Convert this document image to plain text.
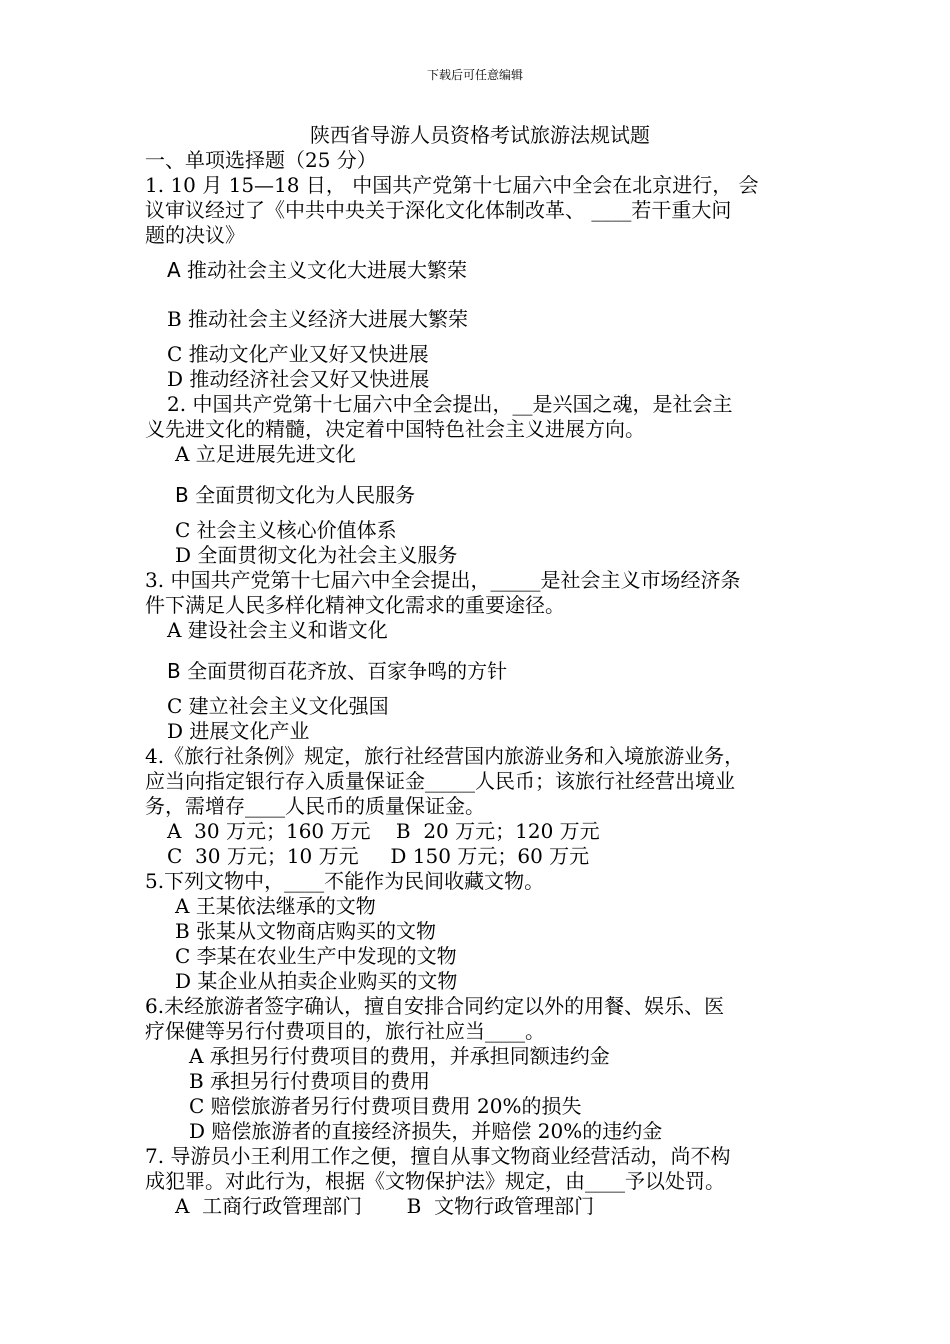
下载后可任意编辑

陕西省导游人员资格考试旅游法规试题

一、单项选择题（25 分）

1. 10 月 15—18 日， 中国共产党第十七届六中全会在北京进行， 会

议审议经过了《中共中央关于深化文化体制改革、 ____若干重大问

题的决议》

A 推动社会主义文化大进展大繁荣

B 推动社会主义经济大进展大繁荣

C 推动文化产业又好又快进展

D 推动经济社会又好又快进展

2. 中国共产党第十七届六中全会提出，__是兴国之魂，是社会主

义先进文化的精髓，决定着中国特色社会主义进展方向。

A 立足进展先进文化

B 全面贯彻文化为人民服务

C 社会主义核心价值体系

D 全面贯彻文化为社会主义服务

3. 中国共产党第十七届六中全会提出，_____是社会主义市场经济条

件下满足人民多样化精神文化需求的重要途径。

A 建设社会主义和谐文化

B 全面贯彻百花齐放、百家争鸣的方针

C 建立社会主义文化强国

D 进展文化产业

4.《旅行社条例》规定，旅行社经营国内旅游业务和入境旅游业务，

应当向指定银行存入质量保证金_____人民币；该旅行社经营出境业

务，需增存____人民币的质量保证金。

A  30 万元；160 万元    B  20 万元；120 万元

C  30 万元；10 万元     D 150 万元；60 万元

5.下列文物中，____不能作为民间收藏文物。

A 王某依法继承的文物

B 张某从文物商店购买的文物

C 李某在农业生产中发现的文物

D 某企业从拍卖企业购买的文物

6.未经旅游者签字确认，擅自安排合同约定以外的用餐、娱乐、医

疗保健等另行付费项目的，旅行社应当____。

A 承担另行付费项目的费用，并承担同额违约金

B 承担另行付费项目的费用

C 赔偿旅游者另行付费项目费用 20%的损失

D 赔偿旅游者的直接经济损失，并赔偿 20%的违约金

7. 导游员小王利用工作之便，擅自从事文物商业经营活动，尚不构

成犯罪。对此行为，根据《文物保护法》规定，由____予以处罚。

A  工商行政管理部门       B  文物行政管理部门
